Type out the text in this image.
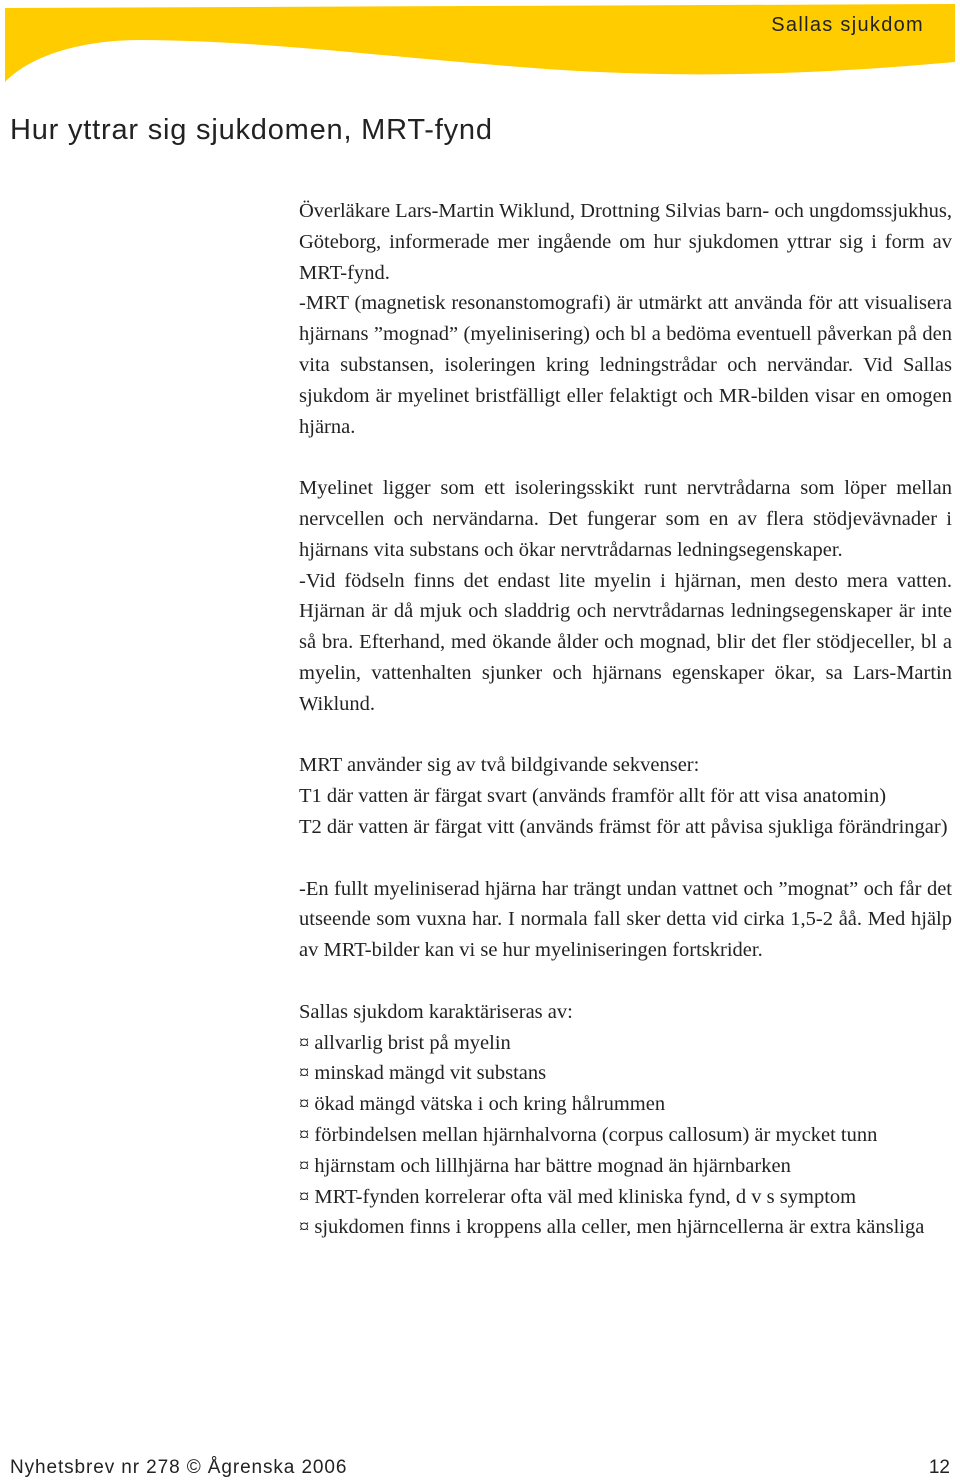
Sallas sjukdom
Hur yttrar sig sjukdomen, MRT-fynd

Överläkare Lars-Martin Wiklund, Drottning Silvias barn- och ungdomssjukhus, Göteborg, informerade mer ingående om hur sjukdomen yttrar sig i form av MRT-fynd.

-MRT (magnetisk resonanstomografi) är utmärkt att använda för att visualisera hjärnans ”mognad” (myelinisering) och bl a bedöma eventuell påverkan på den vita substansen, isoleringen kring ledningstrådar och nervändar. Vid Sallas sjukdom är myelinet bristfälligt eller felaktigt och MR-bilden visar en omogen hjärna.

Myelinet ligger som ett isoleringsskikt runt nervtrådarna som löper mellan nervcellen och nervändarna. Det fungerar som en av flera stödjevävnader i hjärnans vita substans och ökar nervtrådarnas ledningsegenskaper.

-Vid födseln finns det endast lite myelin i hjärnan, men desto mera vatten. Hjärnan är då mjuk och sladdrig och nervtrådarnas ledningsegenskaper är inte så bra. Efterhand, med ökande ålder och mognad, blir det fler stödjeceller, bl a myelin, vattenhalten sjunker och hjärnans egenskaper ökar, sa Lars-Martin Wiklund.

MRT använder sig av två bildgivande sekvenser:

T1 där vatten är färgat svart (används framför allt för att visa anatomin)

T2 där vatten är färgat vitt (används främst för att påvisa sjukliga förändringar)

-En fullt myeliniserad hjärna har trängt undan vattnet och ”mognat” och får det utseende som vuxna har. I normala fall sker detta vid cirka 1,5-2 åå. Med hjälp av MRT-bilder kan vi se hur myeliniseringen fortskrider.

Sallas sjukdom karaktäriseras av:

¤ allvarlig brist på myelin
¤ minskad mängd vit substans
¤ ökad mängd vätska i och kring hålrummen
¤ förbindelsen mellan hjärnhalvorna (corpus callosum) är mycket tunn
¤ hjärnstam och lillhjärna har bättre mognad än hjärnbarken
¤ MRT-fynden korrelerar ofta väl med kliniska fynd, d v s symptom
¤ sjukdomen finns i kroppens alla celler, men hjärncellerna är extra känsliga
Nyhetsbrev nr 278 © Ågrenska 2006	12
